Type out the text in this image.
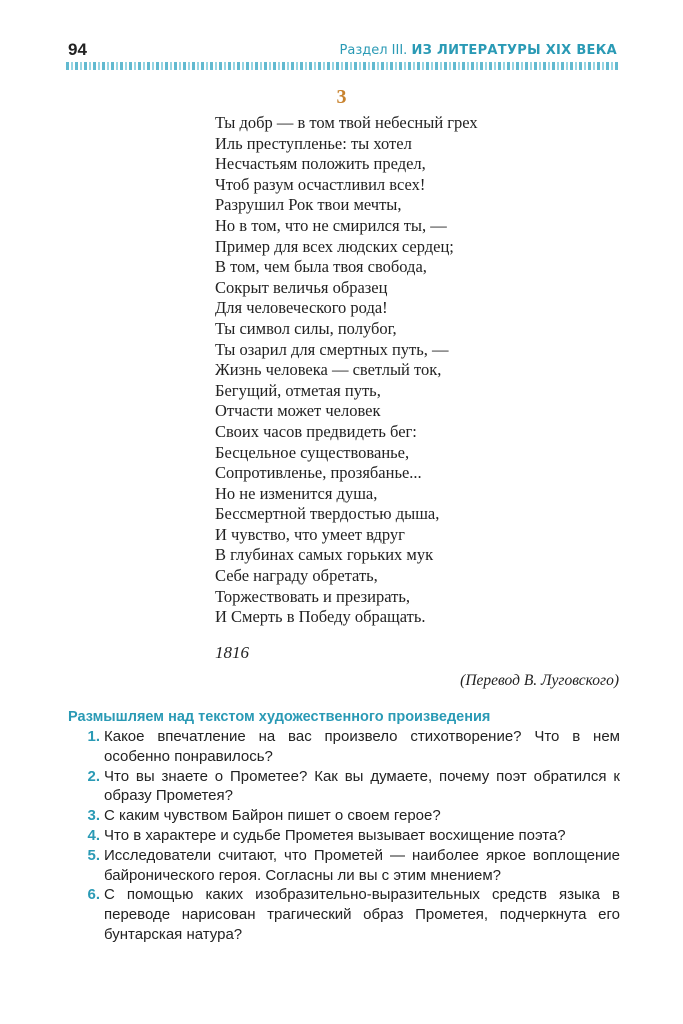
94	Раздел III. ИЗ ЛИТЕРАТУРЫ XIX ВЕКА
3
Ты добр — в том твой небесный грех
Иль преступленье: ты хотел
Несчастьям положить предел,
Чтоб разум осчастливил всех!
Разрушил Рок твои мечты,
Но в том, что не смирился ты, —
Пример для всех людских сердец;
В том, чем была твоя свобода,
Сокрыт величья образец
Для человеческого рода!
Ты символ силы, полубог,
Ты озарил для смертных путь, —
Жизнь человека — светлый ток,
Бегущий, отметая путь,
Отчасти может человек
Своих часов предвидеть бег:
Бесцельное существованье,
Сопротивленье, прозябанье...
Но не изменится душа,
Бессмертной твердостью дыша,
И чувство, что умеет вдруг
В глубинах самых горьких мук
Себе награду обретать,
Торжествовать и презирать,
И Смерть в Победу обращать.
1816
(Перевод В. Луговского)
Размышляем над текстом художественного произведения
1. Какое впечатление на вас произвело стихотворение? Что в нем особенно понравилось?
2. Что вы знаете о Прометее? Как вы думаете, почему поэт обратился к образу Прометея?
3. С каким чувством Байрон пишет о своем герое?
4. Что в характере и судьбе Прометея вызывает восхищение поэта?
5. Исследователи считают, что Прометей — наиболее яркое воплощение байронического героя. Согласны ли вы с этим мнением?
6. С помощью каких изобразительно-выразительных средств языка в переводе нарисован трагический образ Прометея, подчеркнута его бунтарская натура?
